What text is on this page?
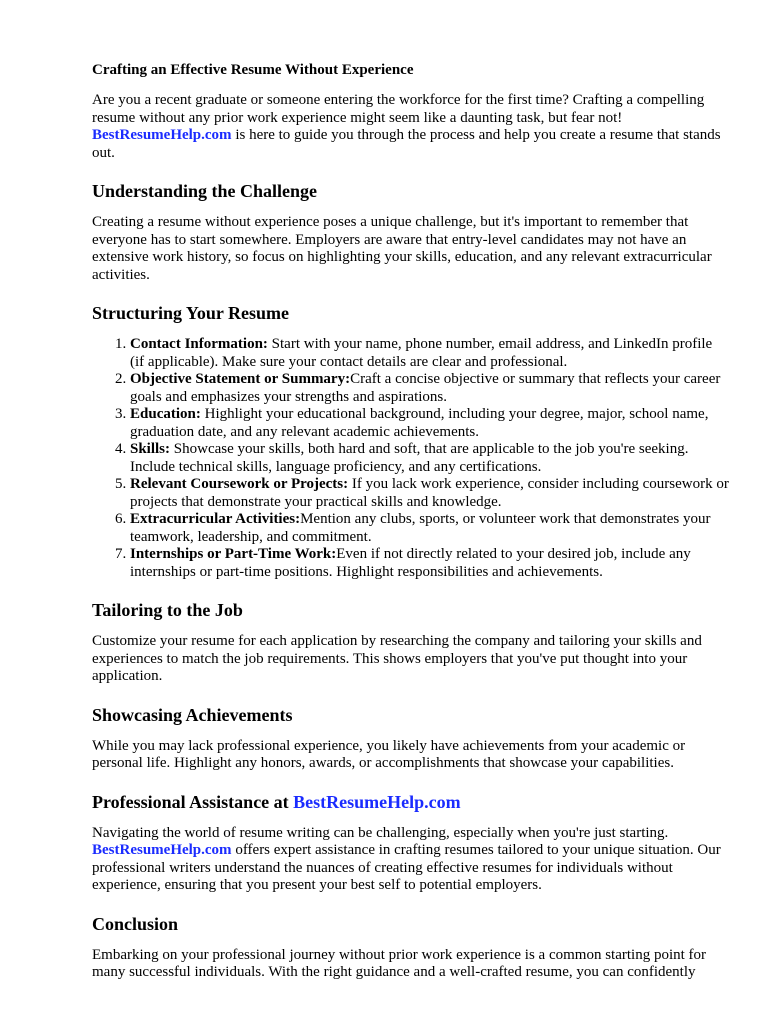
Crafting an Effective Resume Without Experience

Are you a recent graduate or someone entering the workforce for the first time? Crafting a compelling resume without any prior work experience might seem like a daunting task, but fear not!
BestResumeHelp.com is here to guide you through the process and help you create a resume that stands out.

Understanding the Challenge

Creating a resume without experience poses a unique challenge, but it's important to remember that everyone has to start somewhere. Employers are aware that entry-level candidates may not have an extensive work history, so focus on highlighting your skills, education, and any relevant extracurricular activities.

Structuring Your Resume
1. Contact Information: Start with your name, phone number, email address, and LinkedIn profile (if applicable). Make sure your contact details are clear and professional.
2. Objective Statement or Summary:Craft a concise objective or summary that reflects your career goals and emphasizes your strengths and aspirations.
3. Education: Highlight your educational background, including your degree, major, school name, graduation date, and any relevant academic achievements.
4. Skills: Showcase your skills, both hard and soft, that are applicable to the job you're seeking. Include technical skills, language proficiency, and any certifications.
5. Relevant Coursework or Projects: If you lack work experience, consider including coursework or projects that demonstrate your practical skills and knowledge.
6. Extracurricular Activities:Mention any clubs, sports, or volunteer work that demonstrates your teamwork, leadership, and commitment.
7. Internships or Part-Time Work:Even if not directly related to your desired job, include any internships or part-time positions. Highlight responsibilities and achievements.
Tailoring to the Job

Customize your resume for each application by researching the company and tailoring your skills and experiences to match the job requirements. This shows employers that you've put thought into your application.

Showcasing Achievements

While you may lack professional experience, you likely have achievements from your academic or personal life. Highlight any honors, awards, or accomplishments that showcase your capabilities.

Professional Assistance at BestResumeHelp.com

Navigating the world of resume writing can be challenging, especially when you're just starting.
BestResumeHelp.com offers expert assistance in crafting resumes tailored to your unique situation. Our professional writers understand the nuances of creating effective resumes for individuals without experience, ensuring that you present your best self to potential employers.

Conclusion

Embarking on your professional journey without prior work experience is a common starting point for many successful individuals. With the right guidance and a well-crafted resume, you can confidently
